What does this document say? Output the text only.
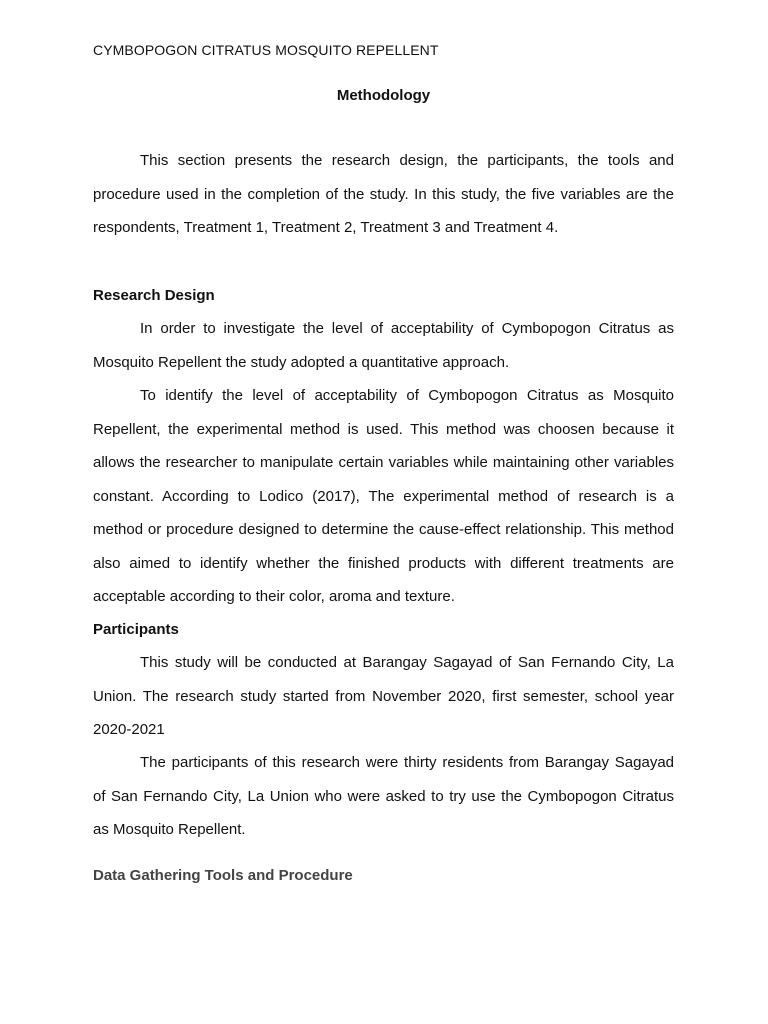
CYMBOPOGON CITRATUS MOSQUITO REPELLENT
Methodology

This section presents the research design, the participants, the tools and procedure used in the completion of the study. In this study, the five variables are the respondents, Treatment 1, Treatment 2, Treatment 3 and Treatment 4.

Research Design

In order to investigate the level of acceptability of Cymbopogon Citratus as Mosquito Repellent the study adopted a quantitative approach.

To identify the level of acceptability of Cymbopogon Citratus as Mosquito Repellent, the experimental method is used. This method was choosen because it allows the researcher to manipulate certain variables while maintaining other variables constant. According to Lodico (2017), The experimental method of research is a method or procedure designed to determine the cause-effect relationship. This method also aimed to identify whether the finished products with different treatments are acceptable according to their color, aroma and texture.

Participants

This study will be conducted at Barangay Sagayad of San Fernando City, La Union. The research study started from November 2020, first semester, school year 2020-2021

The participants of this research were thirty residents from Barangay Sagayad of San Fernando City, La Union who were asked to try use the Cymbopogon Citratus as Mosquito Repellent.

Data Gathering Tools and Procedure
